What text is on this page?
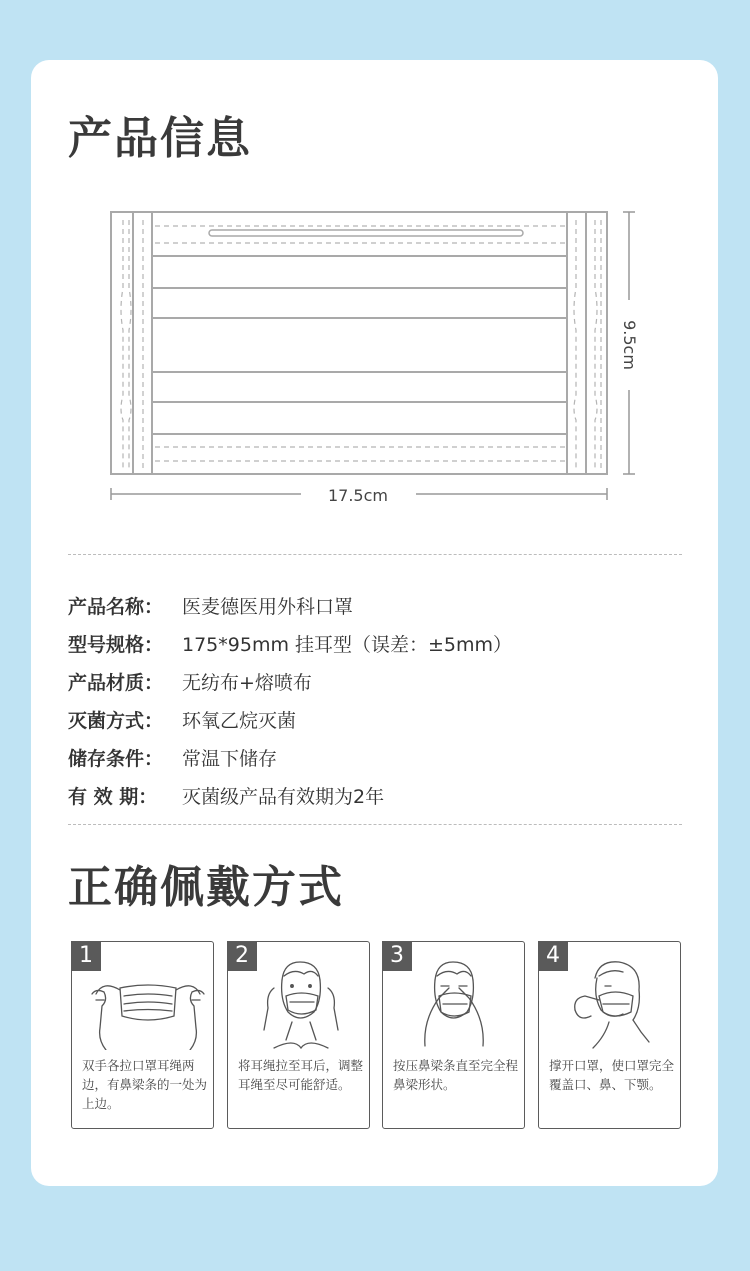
产品信息
17.5cm
9.5cm
产品名称： 医麦德医用外科口罩
型号规格： 175*95mm 挂耳型（误差：±5mm）
产品材质： 无纺布+熔喷布
灭菌方式： 环氧乙烷灭菌
储存条件： 常温下储存
有 效 期：	灭菌级产品有效期为2年
正确佩戴方式
1
双手各拉口罩耳绳两边，有鼻梁条的一处为上边。
2
将耳绳拉至耳后，调整耳绳至尽可能舒适。
3
按压鼻梁条直至完全程鼻梁形状。
4
撑开口罩，使口罩完全覆盖口、鼻、下颚。
